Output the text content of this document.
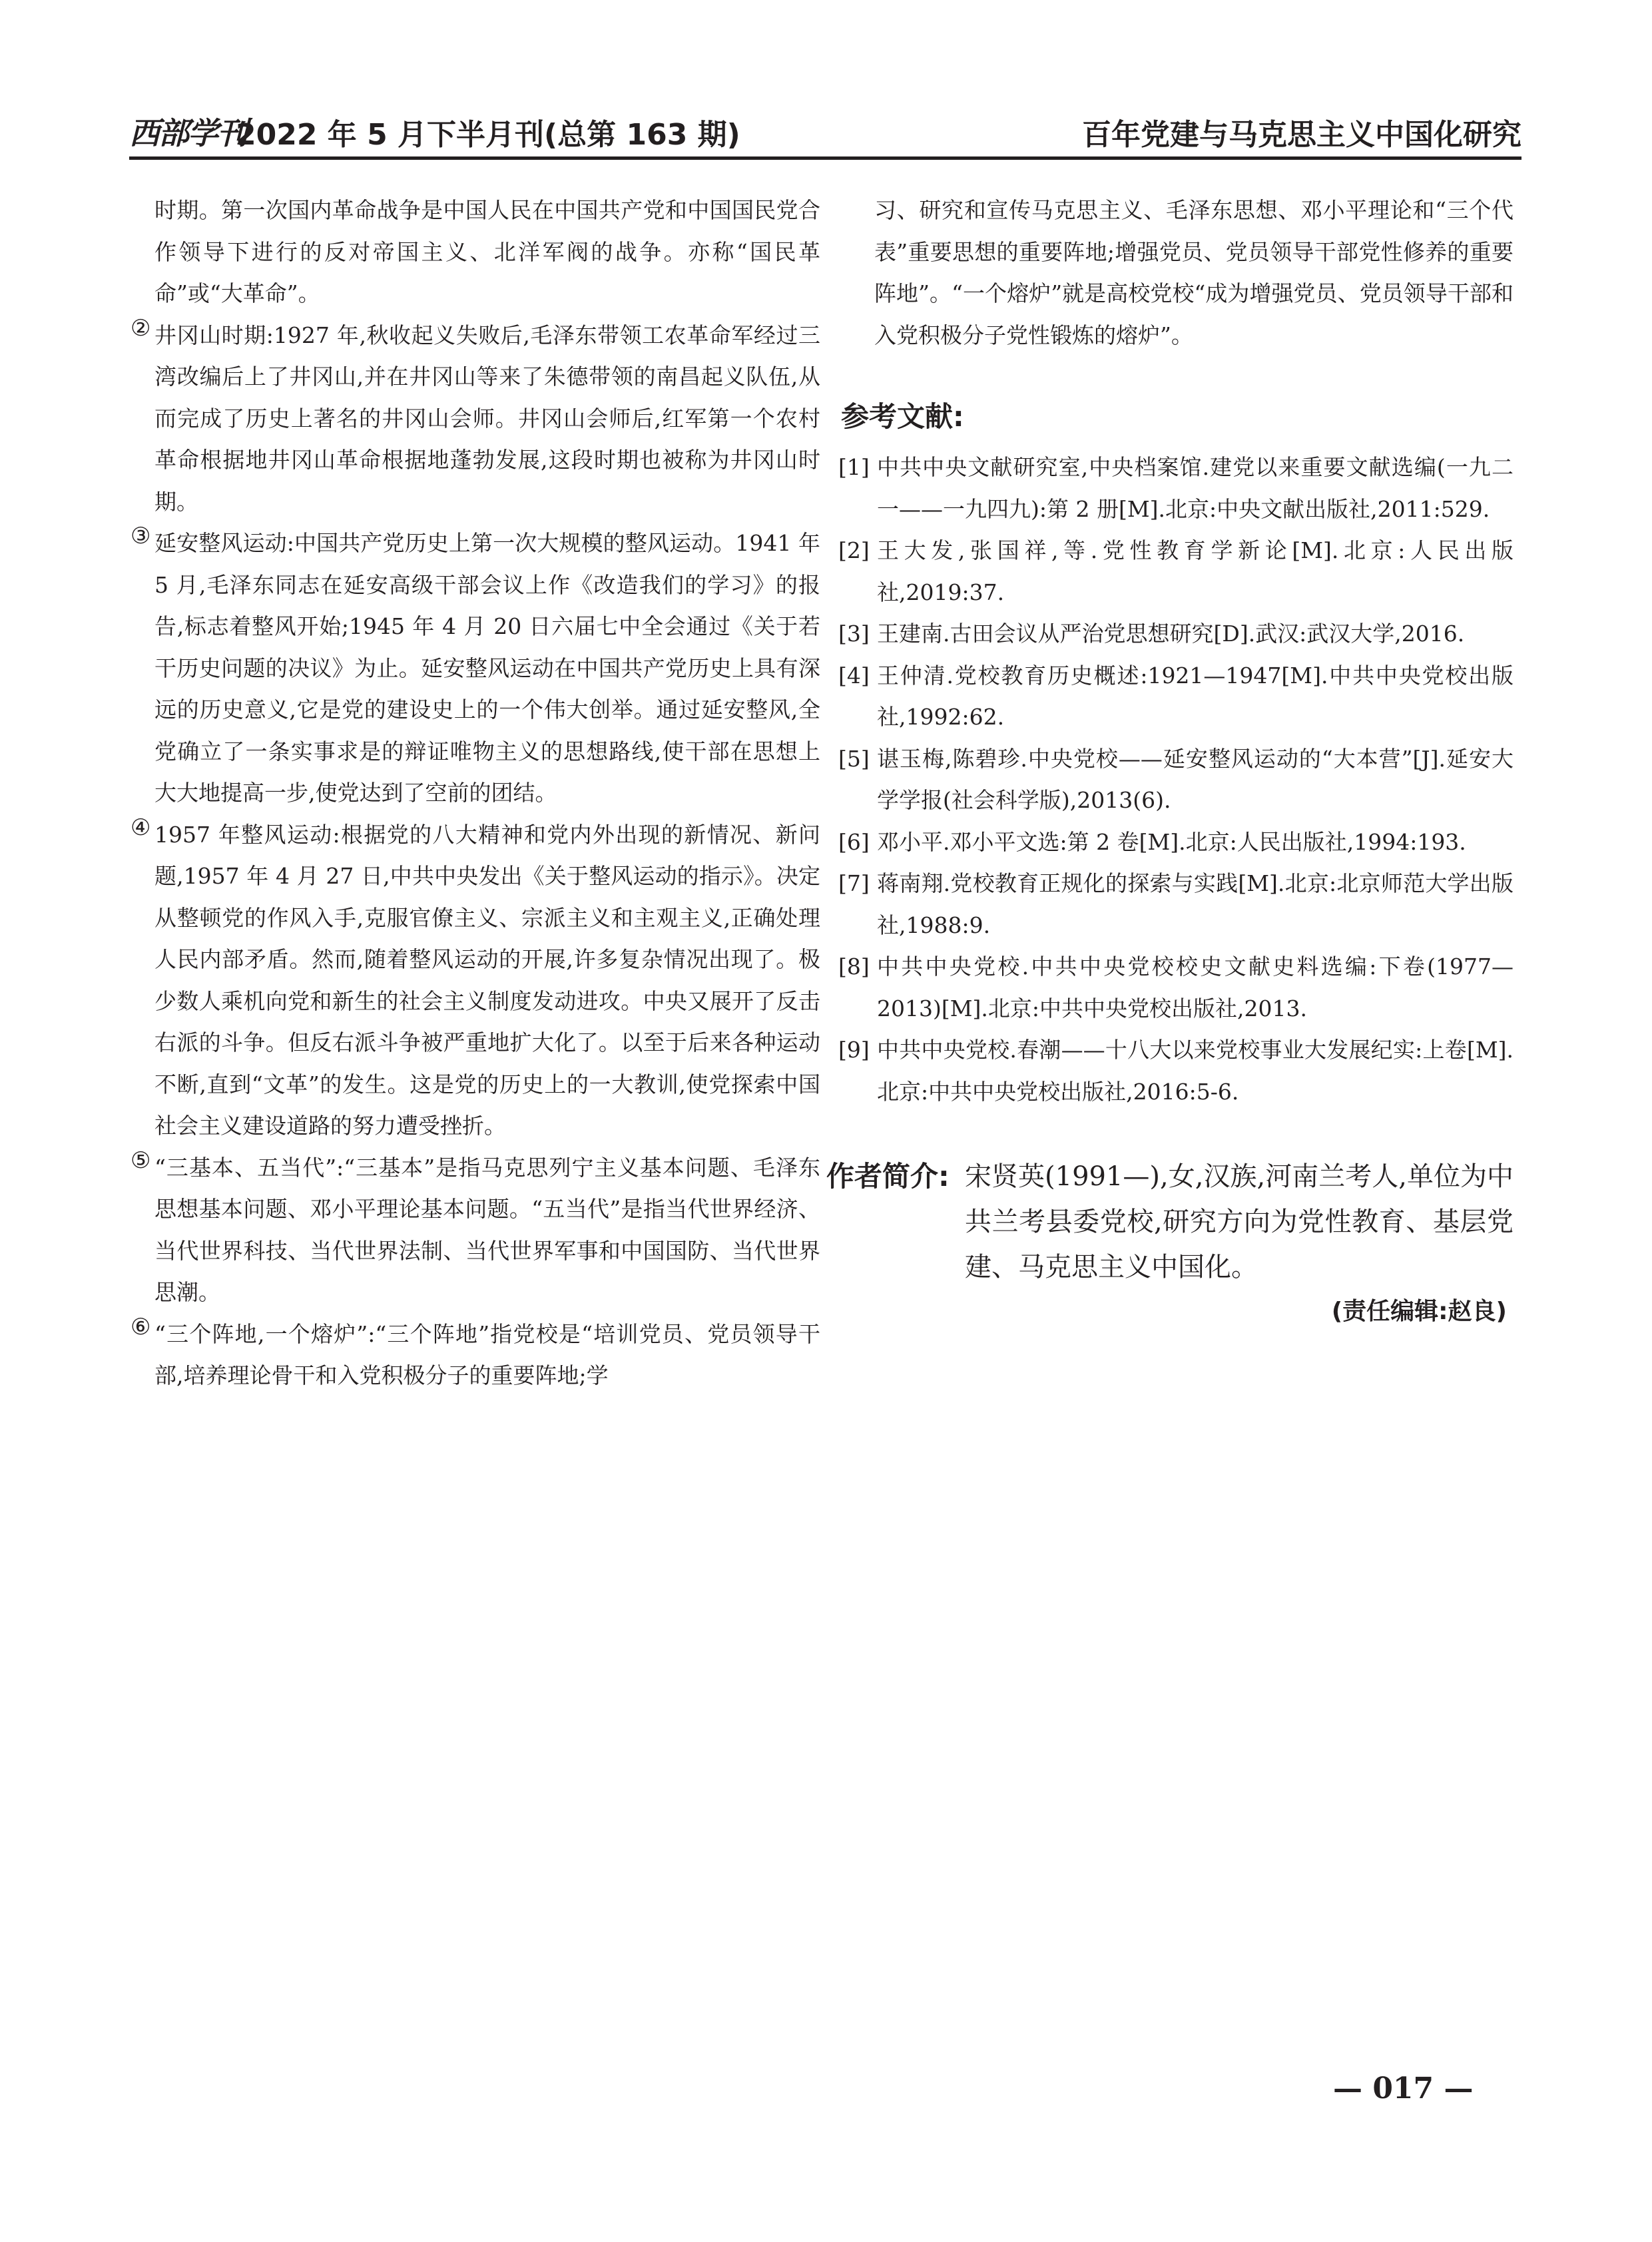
西部学刊
2022 年 5 月下半月刊(总第 163 期)	百年党建与马克思主义中国化研究

时期。第一次国内革命战争是中国人民在中国共产党和中国国民党合作领导下进行的反对帝国主义、北洋军阀的战争。亦称“国民革命”或“大革命”。

② 井冈山时期:1927 年,秋收起义失败后,毛泽东带领工农革命军经过三湾改编后上了井冈山,并在井冈山等来了朱德带领的南昌起义队伍,从而完成了历史上著名的井冈山会师。井冈山会师后,红军第一个农村革命根据地井冈山革命根据地蓬勃发展,这段时期也被称为井冈山时期。

③ 延安整风运动:中国共产党历史上第一次大规模的整风运动。1941 年 5 月,毛泽东同志在延安高级干部会议上作《改造我们的学习》的报告,标志着整风开始;1945 年 4 月 20 日六届七中全会通过《关于若干历史问题的决议》为止。延安整风运动在中国共产党历史上具有深远的历史意义,它是党的建设史上的一个伟大创举。通过延安整风,全党确立了一条实事求是的辩证唯物主义的思想路线,使干部在思想上大大地提高一步,使党达到了空前的团结。

④ 1957 年整风运动:根据党的八大精神和党内外出现的新情况、新问题,1957 年 4 月 27 日,中共中央发出《关于整风运动的指示》。决定从整顿党的作风入手,克服官僚主义、宗派主义和主观主义,正确处理人民内部矛盾。然而,随着整风运动的开展,许多复杂情况出现了。极少数人乘机向党和新生的社会主义制度发动进攻。中央又展开了反击右派的斗争。但反右派斗争被严重地扩大化了。以至于后来各种运动不断,直到“文革”的发生。这是党的历史上的一大教训,使党探索中国社会主义建设道路的努力遭受挫折。

⑤ “三基本、五当代”:“三基本”是指马克思列宁主义基本问题、毛泽东思想基本问题、邓小平理论基本问题。“五当代”是指当代世界经济、当代世界科技、当代世界法制、当代世界军事和中国国防、当代世界思潮。

⑥ “三个阵地,一个熔炉”:“三个阵地”指党校是“培训党员、党员领导干部,培养理论骨干和入党积极分子的重要阵地;学

习、研究和宣传马克思主义、毛泽东思想、邓小平理论和“三个代表”重要思想的重要阵地;增强党员、党员领导干部党性修养的重要阵地”。“一个熔炉”就是高校党校“成为增强党员、党员领导干部和入党积极分子党性锻炼的熔炉”。

参考文献:
[1] 中共中央文献研究室,中央档案馆.建党以来重要文献选编(一九二一——一九四九):第 2 册[M].北京:中央文献出版社,2011:529.
[2] 王大发,张国祥,等.党性教育学新论[M].北京:人民出版社,2019:37.
[3] 王建南.古田会议从严治党思想研究[D].武汉:武汉大学,2016.
[4] 王仲清.党校教育历史概述:1921—1947[M].中共中央党校出版社,1992:62.
[5] 谌玉梅,陈碧珍.中央党校——延安整风运动的“大本营”[J].延安大学学报(社会科学版),2013(6).
[6] 邓小平.邓小平文选:第 2 卷[M].北京:人民出版社,1994:193.
[7] 蒋南翔.党校教育正规化的探索与实践[M].北京:北京师范大学出版社,1988:9.
[8] 中共中央党校.中共中央党校校史文献史料选编:下卷(1977—2013)[M].北京:中共中央党校出版社,2013.
[9] 中共中央党校.春潮——十八大以来党校事业大发展纪实:上卷[M].北京:中共中央党校出版社,2016:5-6.
作者简介: 宋贤英(1991—),女,汉族,河南兰考人,单位为中共兰考县委党校,研究方向为党性教育、基层党建、马克思主义中国化。
(责任编辑:赵良)
— 017 —
